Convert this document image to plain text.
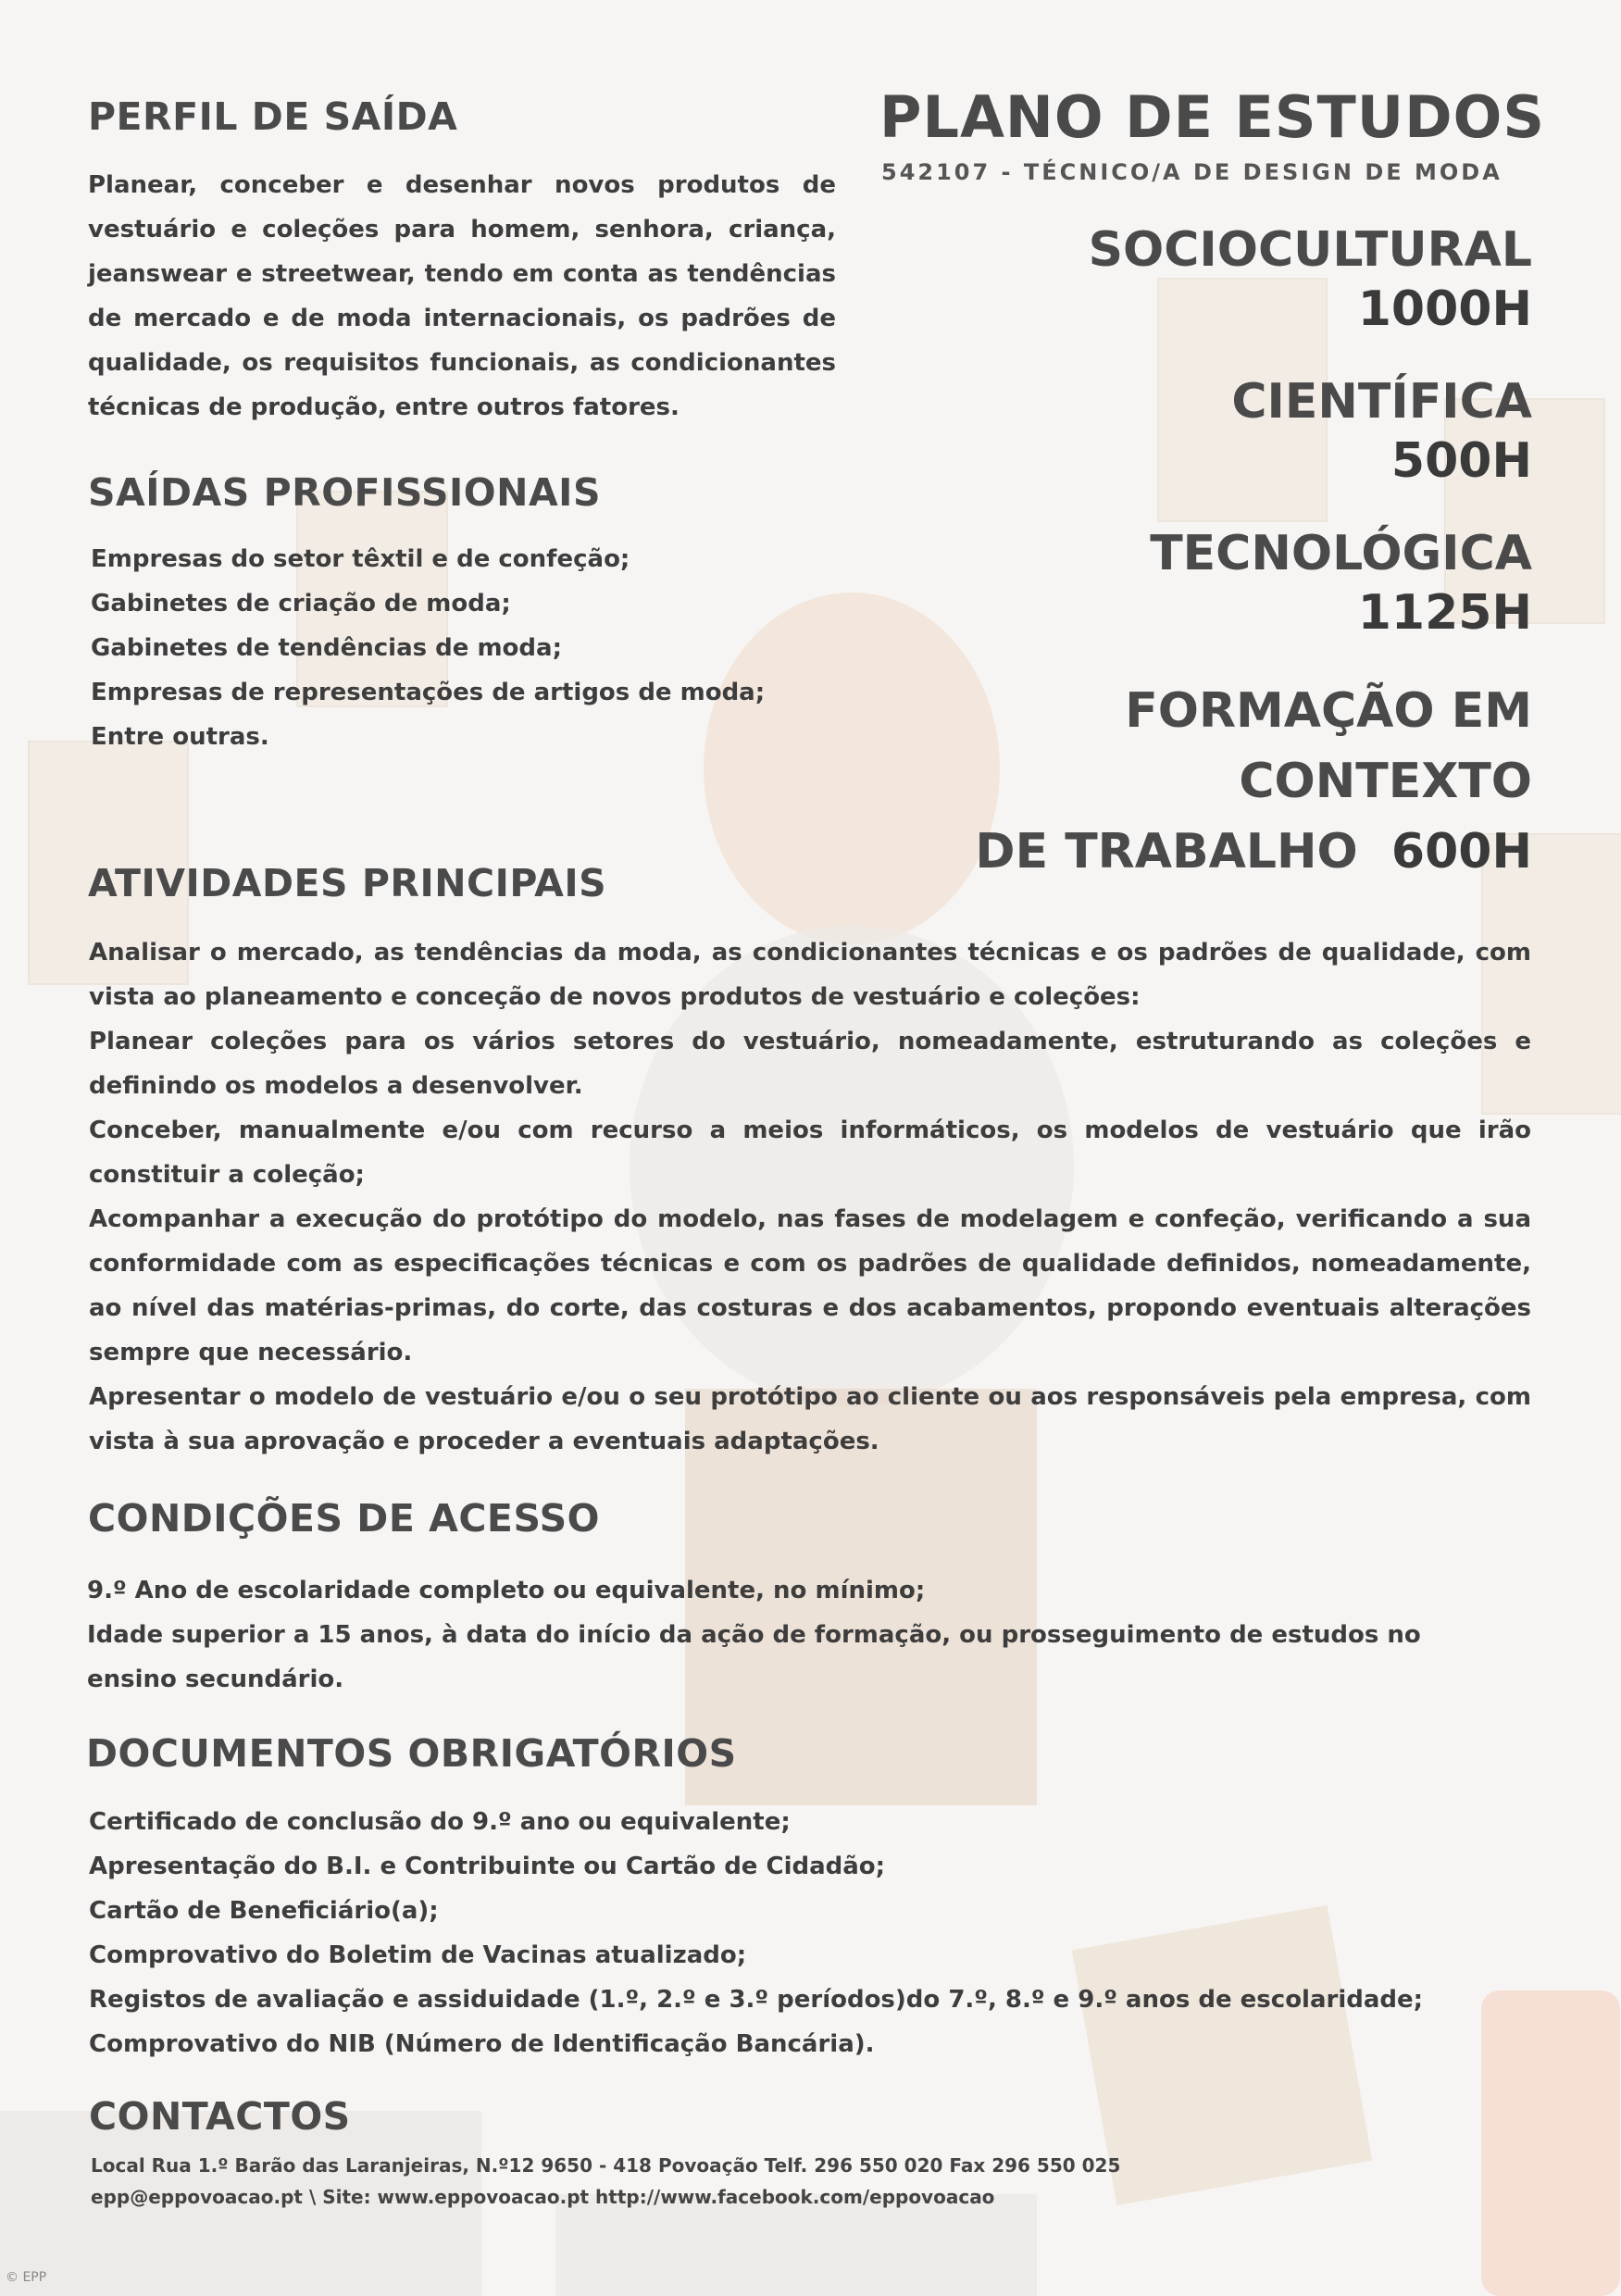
PERFIL DE SAÍDA
Planear, conceber e desenhar novos produtos de vestuário e coleções para homem, senhora, criança, jeanswear e streetwear, tendo em conta as tendências de mercado e de moda internacionais, os padrões de qualidade, os requisitos funcionais, as condicionantes técnicas de produção, entre outros fatores.
SAÍDAS PROFISSIONAIS
Empresas do setor têxtil e de confeção;
Gabinetes de criação de moda;
Gabinetes de tendências de moda;
Empresas de representações de artigos de moda;
Entre outras.
PLANO DE ESTUDOS
542107 - TÉCNICO/A DE DESIGN DE MODA
SOCIOCULTURAL
1000H
CIENTÍFICA
500H
TECNOLÓGICA
1125H
FORMAÇÃO EM CONTEXTO
DE TRABALHO 600H
ATIVIDADES PRINCIPAIS
Analisar o mercado, as tendências da moda, as condicionantes técnicas e os padrões de qualidade, com vista ao planeamento e conceção de novos produtos de vestuário e coleções:
Planear coleções para os vários setores do vestuário, nomeadamente, estruturando as coleções e definindo os modelos a desenvolver.
Conceber, manualmente e/ou com recurso a meios informáticos, os modelos de vestuário que irão constituir a coleção;
Acompanhar a execução do protótipo do modelo, nas fases de modelagem e confeção, verificando a sua conformidade com as especificações técnicas e com os padrões de qualidade definidos, nomeadamente, ao nível das matérias-primas, do corte, das costuras e dos acabamentos, propondo eventuais alterações sempre que necessário.
Apresentar o modelo de vestuário e/ou o seu protótipo ao cliente ou aos responsáveis pela empresa, com vista à sua aprovação e proceder a eventuais adaptações.
CONDIÇÕES DE ACESSO
9.º Ano de escolaridade completo ou equivalente, no mínimo;
Idade superior a 15 anos, à data do início da ação de formação, ou prosseguimento de estudos no ensino secundário.
DOCUMENTOS OBRIGATÓRIOS
Certificado de conclusão do 9.º ano ou equivalente;
Apresentação do B.I. e Contribuinte ou Cartão de Cidadão;
Cartão de Beneficiário(a);
Comprovativo do Boletim de Vacinas atualizado;
Registos de avaliação e assiduidade (1.º, 2.º e 3.º períodos)do 7.º, 8.º e 9.º anos de escolaridade;
Comprovativo do NIB (Número de Identificação Bancária).
CONTACTOS
Local Rua 1.º Barão das Laranjeiras, N.º12 9650 - 418 Povoação Telf. 296 550 020 Fax 296 550 025
epp@eppovoacao.pt \ Site: www.eppovoacao.pt http://www.facebook.com/eppovoacao
© EPP
